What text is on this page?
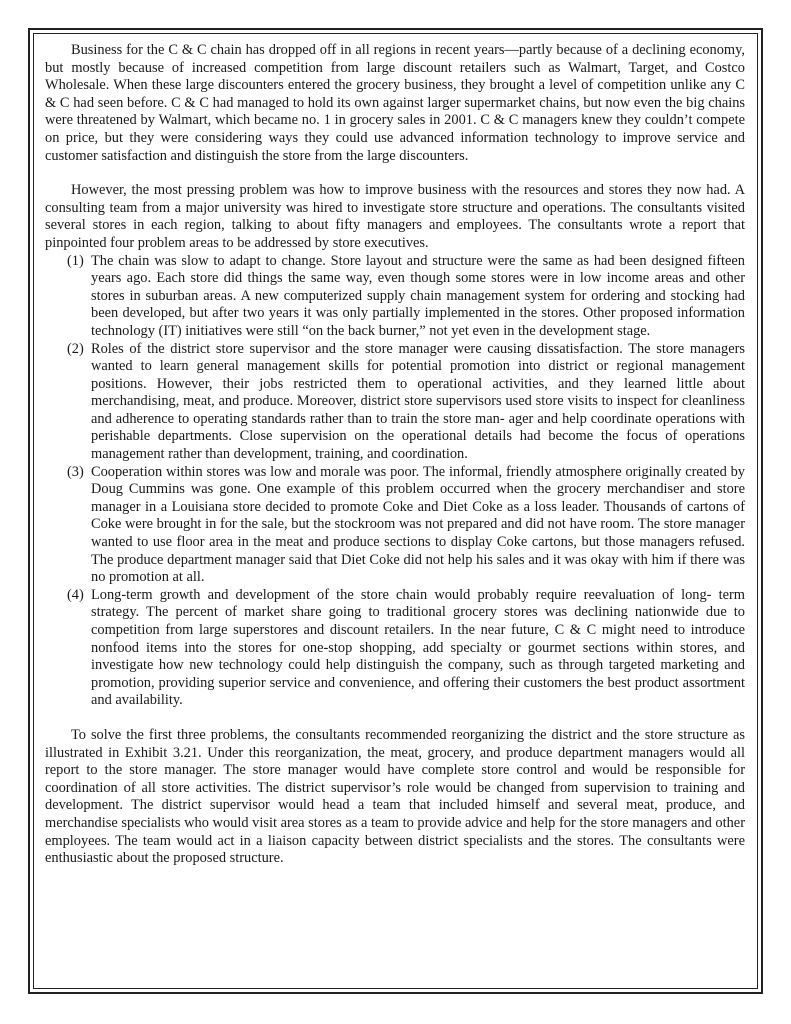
Business for the C & C chain has dropped off in all regions in recent years—partly because of a declining economy, but mostly because of increased competition from large discount retailers such as Walmart, Target, and Costco Wholesale. When these large discounters entered the grocery business, they brought a level of competition unlike any C & C had seen before. C & C had managed to hold its own against larger supermarket chains, but now even the big chains were threatened by Walmart, which became no. 1 in grocery sales in 2001. C & C managers knew they couldn’t compete on price, but they were considering ways they could use advanced information technology to improve service and customer satisfaction and distinguish the store from the large discounters.

However, the most pressing problem was how to improve business with the resources and stores they now had. A consulting team from a major university was hired to investigate store structure and operations. The consultants visited several stores in each region, talking to about fifty managers and employees. The consultants wrote a report that pinpointed four problem areas to be addressed by store executives.

(1) The chain was slow to adapt to change. Store layout and structure were the same as had been designed fifteen years ago. Each store did things the same way, even though some stores were in low income areas and other stores in suburban areas. A new computerized supply chain management system for ordering and stocking had been developed, but after two years it was only partially implemented in the stores. Other proposed information technology (IT) initiatives were still “on the back burner,” not yet even in the development stage.
(2) Roles of the district store supervisor and the store manager were causing dissatisfaction. The store managers wanted to learn general management skills for potential promotion into district or regional management positions. However, their jobs restricted them to operational activities, and they learned little about merchandising, meat, and produce. Moreover, district store supervisors used store visits to inspect for cleanliness and adherence to operating standards rather than to train the store man- ager and help coordinate operations with perishable departments. Close supervision on the operational details had become the focus of operations management rather than development, training, and coordination.
(3) Cooperation within stores was low and morale was poor. The informal, friendly atmosphere originally created by Doug Cummins was gone. One example of this problem occurred when the grocery merchandiser and store manager in a Louisiana store decided to promote Coke and Diet Coke as a loss leader. Thousands of cartons of Coke were brought in for the sale, but the stockroom was not prepared and did not have room. The store manager wanted to use floor area in the meat and produce sections to display Coke cartons, but those managers refused. The produce department manager said that Diet Coke did not help his sales and it was okay with him if there was no promotion at all.
(4) Long-term growth and development of the store chain would probably require reevaluation of long- term strategy. The percent of market share going to traditional grocery stores was declining nationwide due to competition from large superstores and discount retailers. In the near future, C & C might need to introduce nonfood items into the stores for one-stop shopping, add specialty or gourmet sections within stores, and investigate how new technology could help distinguish the company, such as through targeted marketing and promotion, providing superior service and convenience, and offering their customers the best product assortment and availability.

To solve the first three problems, the consultants recommended reorganizing the district and the store structure as illustrated in Exhibit 3.21. Under this reorganization, the meat, grocery, and produce department managers would all report to the store manager. The store manager would have complete store control and would be responsible for coordination of all store activities. The district supervisor’s role would be changed from supervision to training and development. The district supervisor would head a team that included himself and several meat, produce, and merchandise specialists who would visit area stores as a team to provide advice and help for the store managers and other employees. The team would act in a liaison capacity between district specialists and the stores. The consultants were enthusiastic about the proposed structure.
